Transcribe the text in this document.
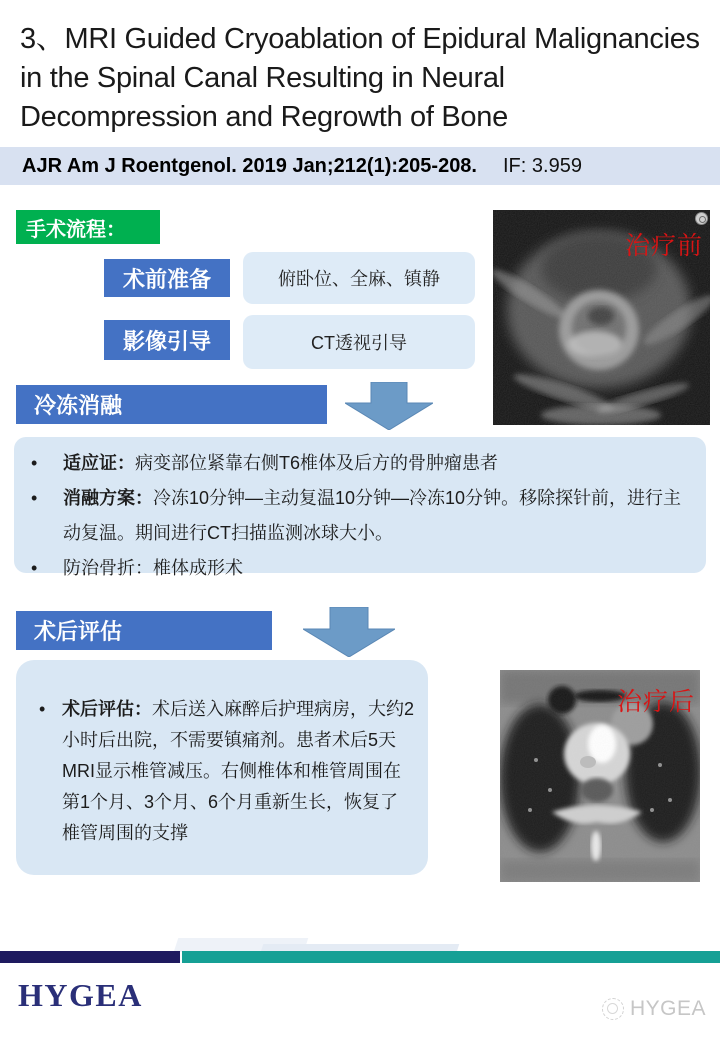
3、MRI Guided Cryoablation of Epidural Malignancies in the Spinal Canal Resulting in Neural Decompression and Regrowth of Bone
AJR Am J Roentgenol. 2019 Jan;212(1):205-208. IF: 3.959
手术流程：
术前准备	俯卧位、全麻、镇静
影像引导	CT透视引导
冷冻消融
•	适应证：病变部位紧靠右侧T6椎体及后方的骨肿瘤患者
•	消融方案：冷冻10分钟—主动复温10分钟—冷冻10分钟。移除探针前，进行主动复温。期间进行CT扫描监测冰球大小。
•	防治骨折：椎体成形术
术后评估
• 术后评估：术后送入麻醉后护理病房，大约2小时后出院，不需要镇痛剂。患者术后5天MRI显示椎管减压。右侧椎体和椎管周围在第1个月、3个月、6个月重新生长，恢复了椎管周围的支撑
治疗前
治疗后
HYGEA	HYGEA
